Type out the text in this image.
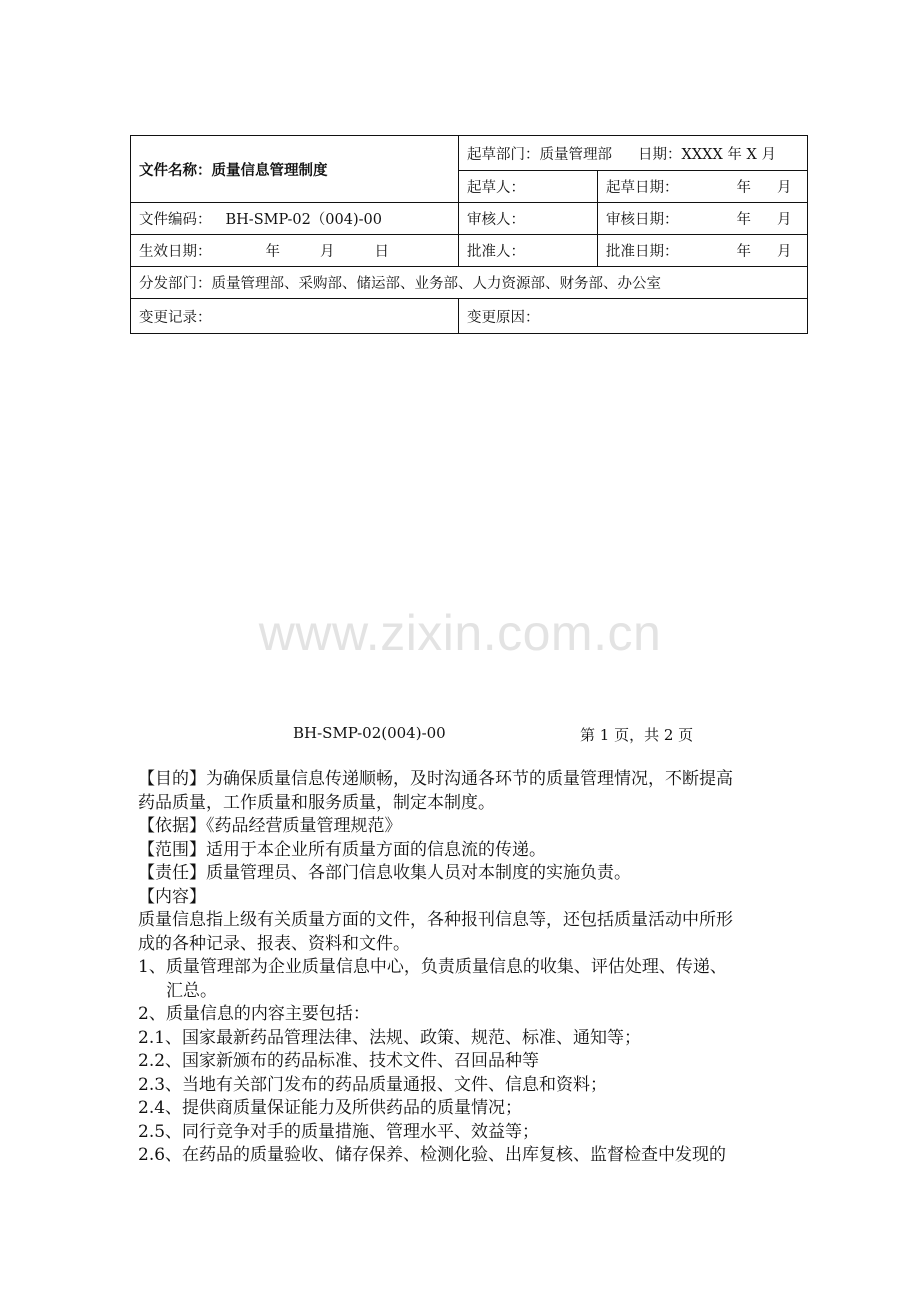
文件名称：质量信息管理制度	起草部门：质量管理部 日期：XXXX 年 X 月	
	起草人：	起草日期： 年 月
文件编码： BH-SMP-02（004)-00	审核人：	审核日期： 年 月
生效日期： 年 月 日	批准人：	批准日期： 年 月
分发部门：质量管理部、采购部、储运部、业务部、人力资源部、财务部、办公室		
变更记录：	变更原因：	
www.zixin.com.cn
BH-SMP-02(004)-00	第 1 页，共 2 页

【目的】为确保质量信息传递顺畅，及时沟通各环节的质量管理情况，不断提高

药品质量，工作质量和服务质量，制定本制度。

【依据】《药品经营质量管理规范》

【范围】适用于本企业所有质量方面的信息流的传递。

【责任】质量管理员、各部门信息收集人员对本制度的实施负责。

【内容】

质量信息指上级有关质量方面的文件，各种报刊信息等，还包括质量活动中所形

成的各种记录、报表、资料和文件。

1、质量管理部为企业质量信息中心，负责质量信息的收集、评估处理、传递、

汇总。

2、质量信息的内容主要包括：

2.1、国家最新药品管理法律、法规、政策、规范、标准、通知等；

2.2、国家新颁布的药品标准、技术文件、召回品种等

2.3、当地有关部门发布的药品质量通报、文件、信息和资料；

2.4、提供商质量保证能力及所供药品的质量情况；

2.5、同行竞争对手的质量措施、管理水平、效益等；

2.6、在药品的质量验收、储存保养、检测化验、出库复核、监督检查中发现的
